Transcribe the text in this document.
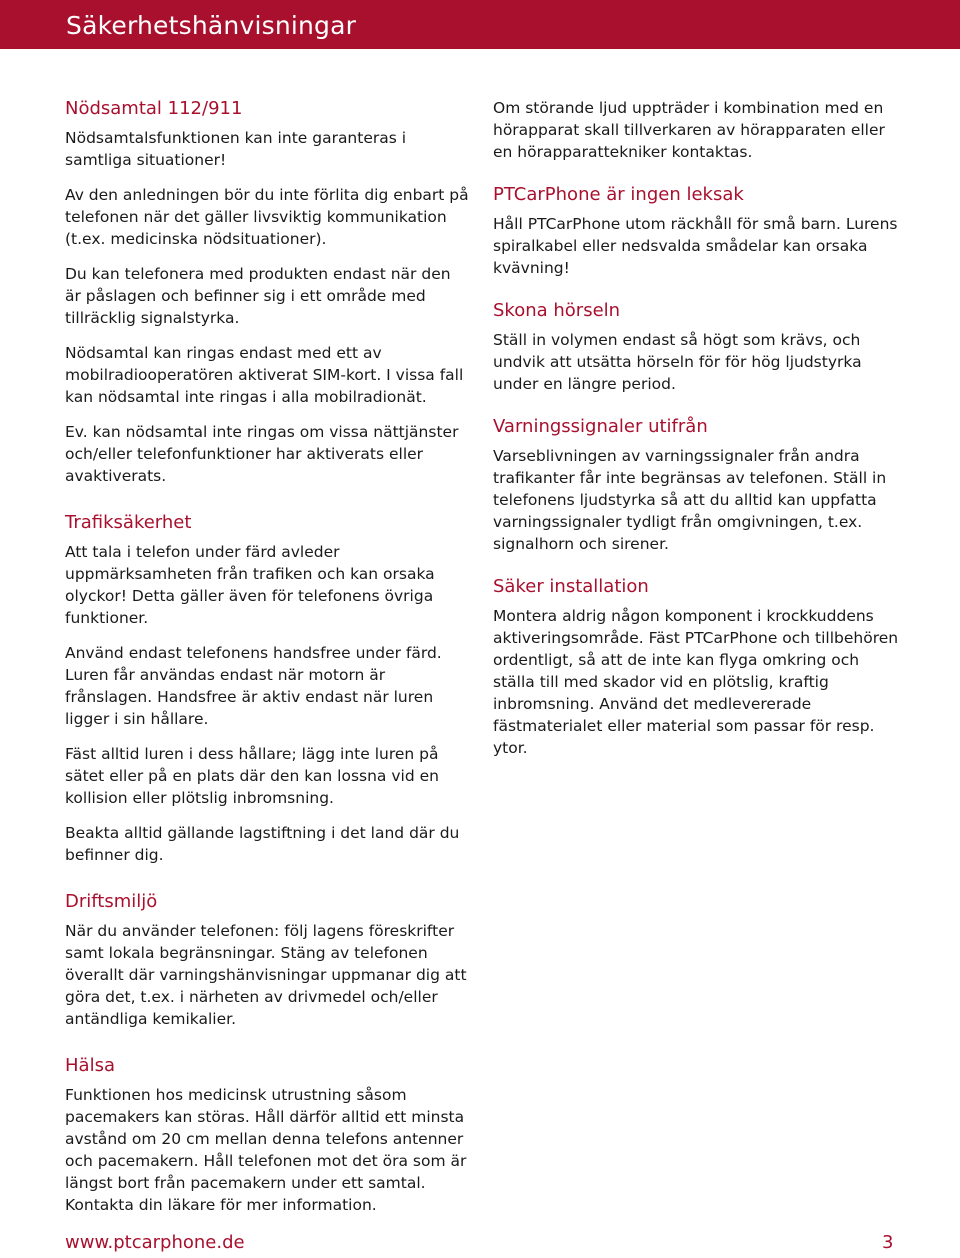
Säkerhetshänvisningar
Nödsamtal 112/911

Nödsamtalsfunktionen kan inte garanteras i samtliga situationer!

Av den anledningen bör du inte förlita dig enbart på telefonen när det gäller livsviktig kommunikation (t.ex. medicinska nödsituationer).

Du kan telefonera med produkten endast när den är påslagen och befinner sig i ett område med tillräcklig signalstyrka.

Nödsamtal kan ringas endast med ett av mobilradiooperatören aktiverat SIM-kort. I vissa fall kan nödsamtal inte ringas i alla mobilradionät.

Ev. kan nödsamtal inte ringas om vissa nättjänster och/eller telefonfunktioner har aktiverats eller avaktiverats.

Trafiksäkerhet

Att tala i telefon under färd avleder uppmärksamheten från trafiken och kan orsaka olyckor! Detta gäller även för telefonens övriga funktioner.

Använd endast telefonens handsfree under färd. Luren får användas endast när motorn är frånslagen. Handsfree är aktiv endast när luren ligger i sin hållare.

Fäst alltid luren i dess hållare; lägg inte luren på sätet eller på en plats där den kan lossna vid en kollision eller plötslig inbromsning.

Beakta alltid gällande lagstiftning i det land där du befinner dig.

Driftsmiljö

När du använder telefonen: följ lagens föreskrifter samt lokala begränsningar. Stäng av telefonen överallt där varningshänvisningar uppmanar dig att göra det, t.ex. i närheten av drivmedel och/eller antändliga kemikalier.

Hälsa

Funktionen hos medicinsk utrustning såsom pacemakers kan störas. Håll därför alltid ett minsta avstånd om 20 cm mellan denna telefons antenner och pacemakern. Håll telefonen mot det öra som är längst bort från pacemakern under ett samtal. Kontakta din läkare för mer information.

Om störande ljud uppträder i kombination med en hörapparat skall tillverkaren av hörapparaten eller en hörapparattekniker kontaktas.

PTCarPhone är ingen leksak

Håll PTCarPhone utom räckhåll för små barn. Lurens spiralkabel eller nedsvalda smådelar kan orsaka kvävning!

Skona hörseln

Ställ in volymen endast så högt som krävs, och undvik att utsätta hörseln för för hög ljudstyrka under en längre period.

Varningssignaler utifrån

Varseblivningen av varningssignaler från andra trafikanter får inte begränsas av telefonen. Ställ in telefonens ljudstyrka så att du alltid kan uppfatta varningssignaler tydligt från omgivningen, t.ex. signalhorn och sirener.

Säker installation

Montera aldrig någon komponent i krockkuddens aktiveringsområde. Fäst PTCarPhone och tillbehören ordentligt, så att de inte kan flyga omkring och ställa till med skador vid en plötslig, kraftig inbromsning. Använd det medlevererade fästmaterialet eller material som passar för resp. ytor.

www.ptcarphone.de	3
